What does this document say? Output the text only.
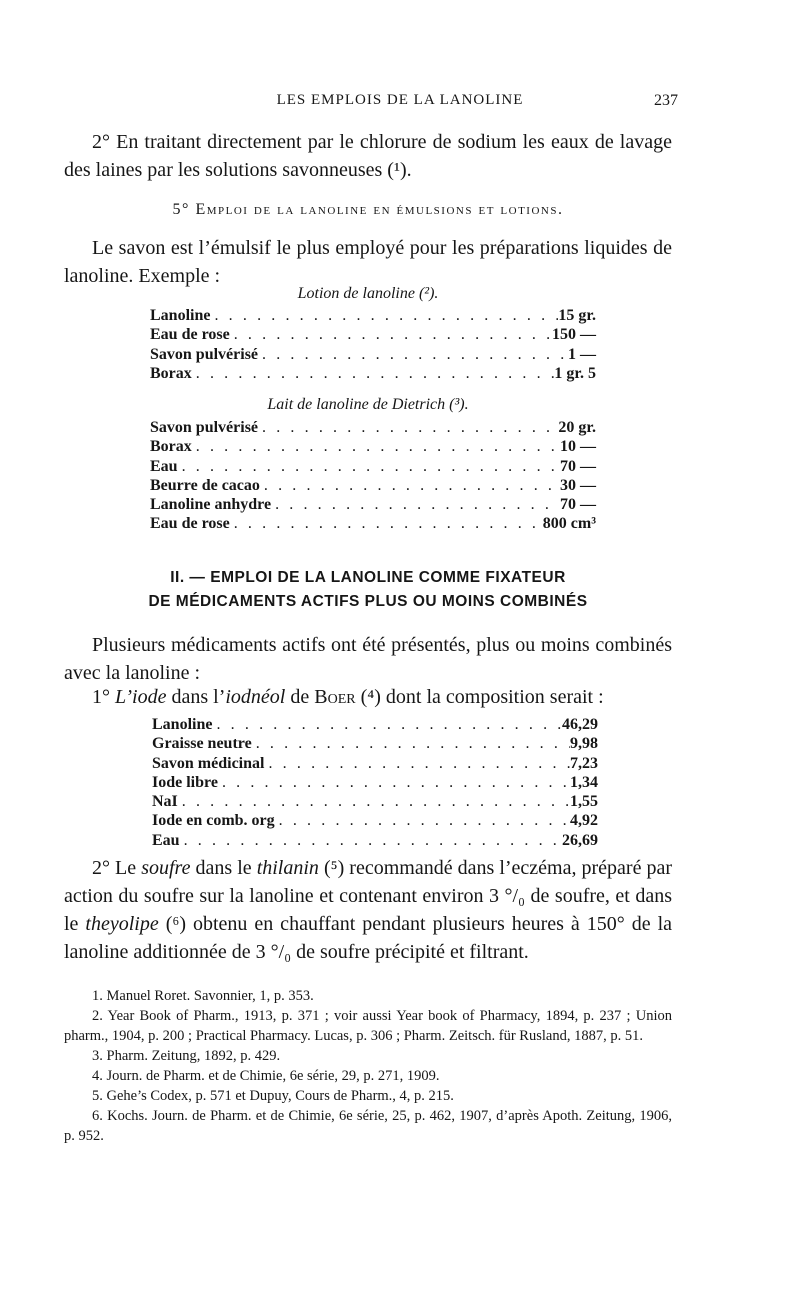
LES EMPLOIS DE LA LANOLINE	237

2° En traitant directement par le chlorure de sodium les eaux de lavage des laines par les solutions savonneuses (¹).

5° Emploi de la lanoline en émulsions et lotions.

Le savon est l’émulsif le plus employé pour les préparations liquides de lanoline. Exemple :

Lotion de lanoline (²).
Lanoline . . .	15 gr.
Eau de rose . . .	150 —
Savon pulvérisé . . .	1 —
Borax . . .	1 gr. 5
Lait de lanoline de Dietrich (³).
Savon pulvérisé . . .	20 gr.
Borax . . .	10 —
Eau . . .	70 —
Beurre de cacao . . .	30 —
Lanoline anhydre . . .	70 —
Eau de rose . . .	800 cm³
II. — EMPLOI DE LA LANOLINE COMME FIXATEUR
DE MÉDICAMENTS ACTIFS PLUS OU MOINS COMBINÉS

Plusieurs médicaments actifs ont été présentés, plus ou moins combinés avec la lanoline :

1° L’iode dans l’iodnéol de Boer (⁴) dont la composition serait :

Lanoline . . .	46,29
Graisse neutre . . .	9,98
Savon médicinal . . .	7,23
Iode libre . . .	1,34
NaI . . .	1,55
Iode en comb. org . . .	4,92
Eau . . .	26,69

2° Le soufre dans le thilanin (⁵) recommandé dans l’eczéma, préparé par action du soufre sur la lanoline et contenant environ 3 °/₀ de soufre, et dans le theyolipe (⁶) obtenu en chauffant pendant plusieurs heures à 150° de la lanoline additionnée de 3 °/₀ de soufre précipité et filtrant.

1. Manuel Roret. Savonnier, 1, p. 353.

2. Year Book of Pharm., 1913, p. 371 ; voir aussi Year book of Pharmacy, 1894, p. 237 ; Union pharm., 1904, p. 200 ; Practical Pharmacy. Lucas, p. 306 ; Pharm. Zeitsch. für Rusland, 1887, p. 51.

3. Pharm. Zeitung, 1892, p. 429.

4. Journ. de Pharm. et de Chimie, 6e série, 29, p. 271, 1909.

5. Gehe’s Codex, p. 571 et Dupuy, Cours de Pharm., 4, p. 215.

6. Kochs. Journ. de Pharm. et de Chimie, 6e série, 25, p. 462, 1907, d’après Apoth. Zeitung, 1906, p. 952.
